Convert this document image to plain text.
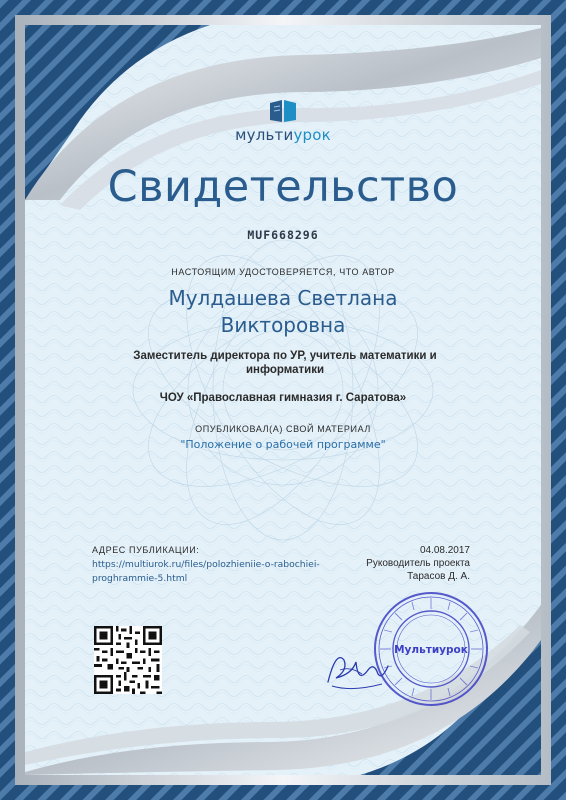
мультиурок
Свидетельство
MUF668296
НАСТОЯЩИМ УДОСТОВЕРЯЕТСЯ, ЧТО АВТОР
Мулдашева Светлана
Викторовна
Заместитель директора по УР, учитель математики и информатики
ЧОУ «Православная гимназия г. Саратова»
ОПУБЛИКОВАЛ(А) СВОЙ МАТЕРИАЛ
"Положение о рабочей программе"
АДРЕС ПУБЛИКАЦИИ:
https://multiurok.ru/files/polozhieniie-o-rabochiei-proghrammie-5.html
04.08.2017
Руководитель проекта
Тарасов Д. А.
Мультиурок
